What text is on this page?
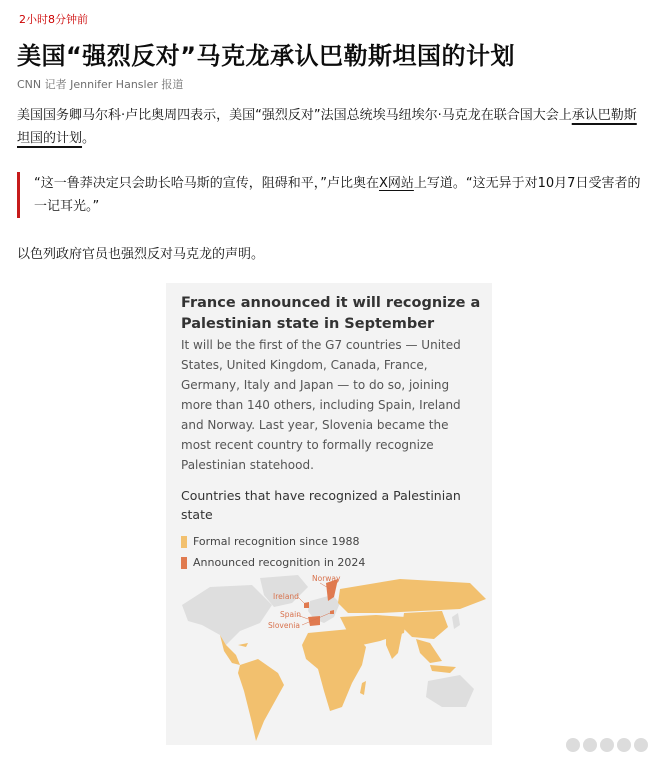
2小时8分钟前
美国“强烈反对”马克龙承认巴勒斯坦国的计划
CNN 记者 Jennifer Hansler 报道
美国国务卿马尔科·卢比奥周四表示，美国“强烈反对”法国总统埃马纽埃尔·马克龙在联合国大会上承认巴勒斯坦国的计划。
“这一鲁莽决定只会助长哈马斯的宣传，阻碍和平，”卢比奥在X网站上写道。“这无异于对10月7日受害者的一记耳光。”
以色列政府官员也强烈反对马克龙的声明。
France announced it will recognize a Palestinian state in September
It will be the first of the G7 countries — United States, United Kingdom, Canada, France, Germany, Italy and Japan — to do so, joining more than 140 others, including Spain, Ireland and Norway. Last year, Slovenia became the most recent country to formally recognize Palestinian statehood.
Countries that have recognized a Palestinian state
Formal recognition since 1988
Announced recognition in 2024
Norway
Ireland
Spain
Slovenia
